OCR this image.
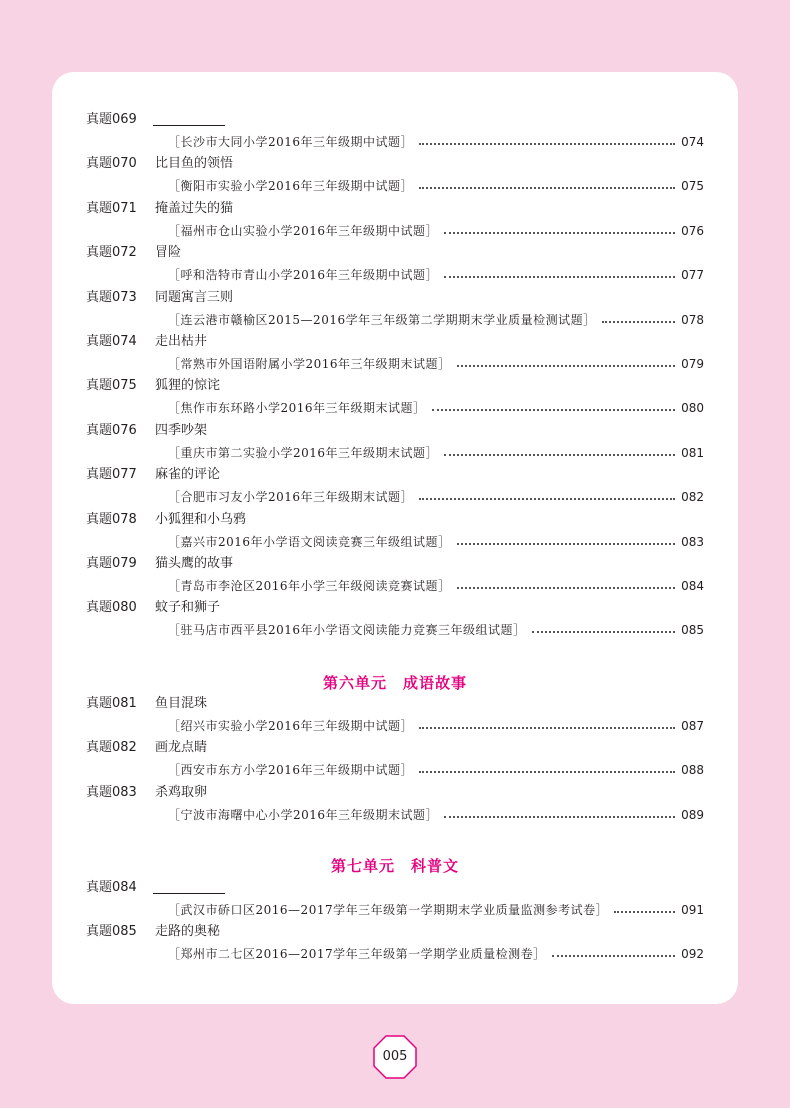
真题069
［长沙市大同小学2016年三年级期中试题］	074
真题070 比目鱼的领悟
［衡阳市实验小学2016年三年级期中试题］	075
真题071 掩盖过失的猫
［福州市仓山实验小学2016年三年级期中试题］	076
真题072 冒险
［呼和浩特市青山小学2016年三年级期中试题］	077
真题073 同题寓言三则
［连云港市赣榆区2015—2016学年三年级第二学期期末学业质量检测试题］	078
真题074 走出枯井
［常熟市外国语附属小学2016年三年级期末试题］	079
真题075 狐狸的惊诧
［焦作市东环路小学2016年三年级期末试题］	080
真题076 四季吵架
［重庆市第二实验小学2016年三年级期末试题］	081
真题077 麻雀的评论
［合肥市习友小学2016年三年级期末试题］	082
真题078 小狐狸和小乌鸦
［嘉兴市2016年小学语文阅读竞赛三年级组试题］	083
真题079 猫头鹰的故事
［青岛市李沧区2016年小学三年级阅读竞赛试题］	084
真题080 蚊子和狮子
［驻马店市西平县2016年小学语文阅读能力竞赛三年级组试题］	085
第六单元 成语故事
真题081 鱼目混珠
［绍兴市实验小学2016年三年级期中试题］	087
真题082 画龙点睛
［西安市东方小学2016年三年级期中试题］	088
真题083 杀鸡取卵
［宁波市海曙中心小学2016年三年级期末试题］	089
第七单元 科普文
真题084
［武汉市硚口区2016—2017学年三年级第一学期期末学业质量监测参考试卷］	091
真题085 走路的奥秘
［郑州市二七区2016—2017学年三年级第一学期学业质量检测卷］	092
005
